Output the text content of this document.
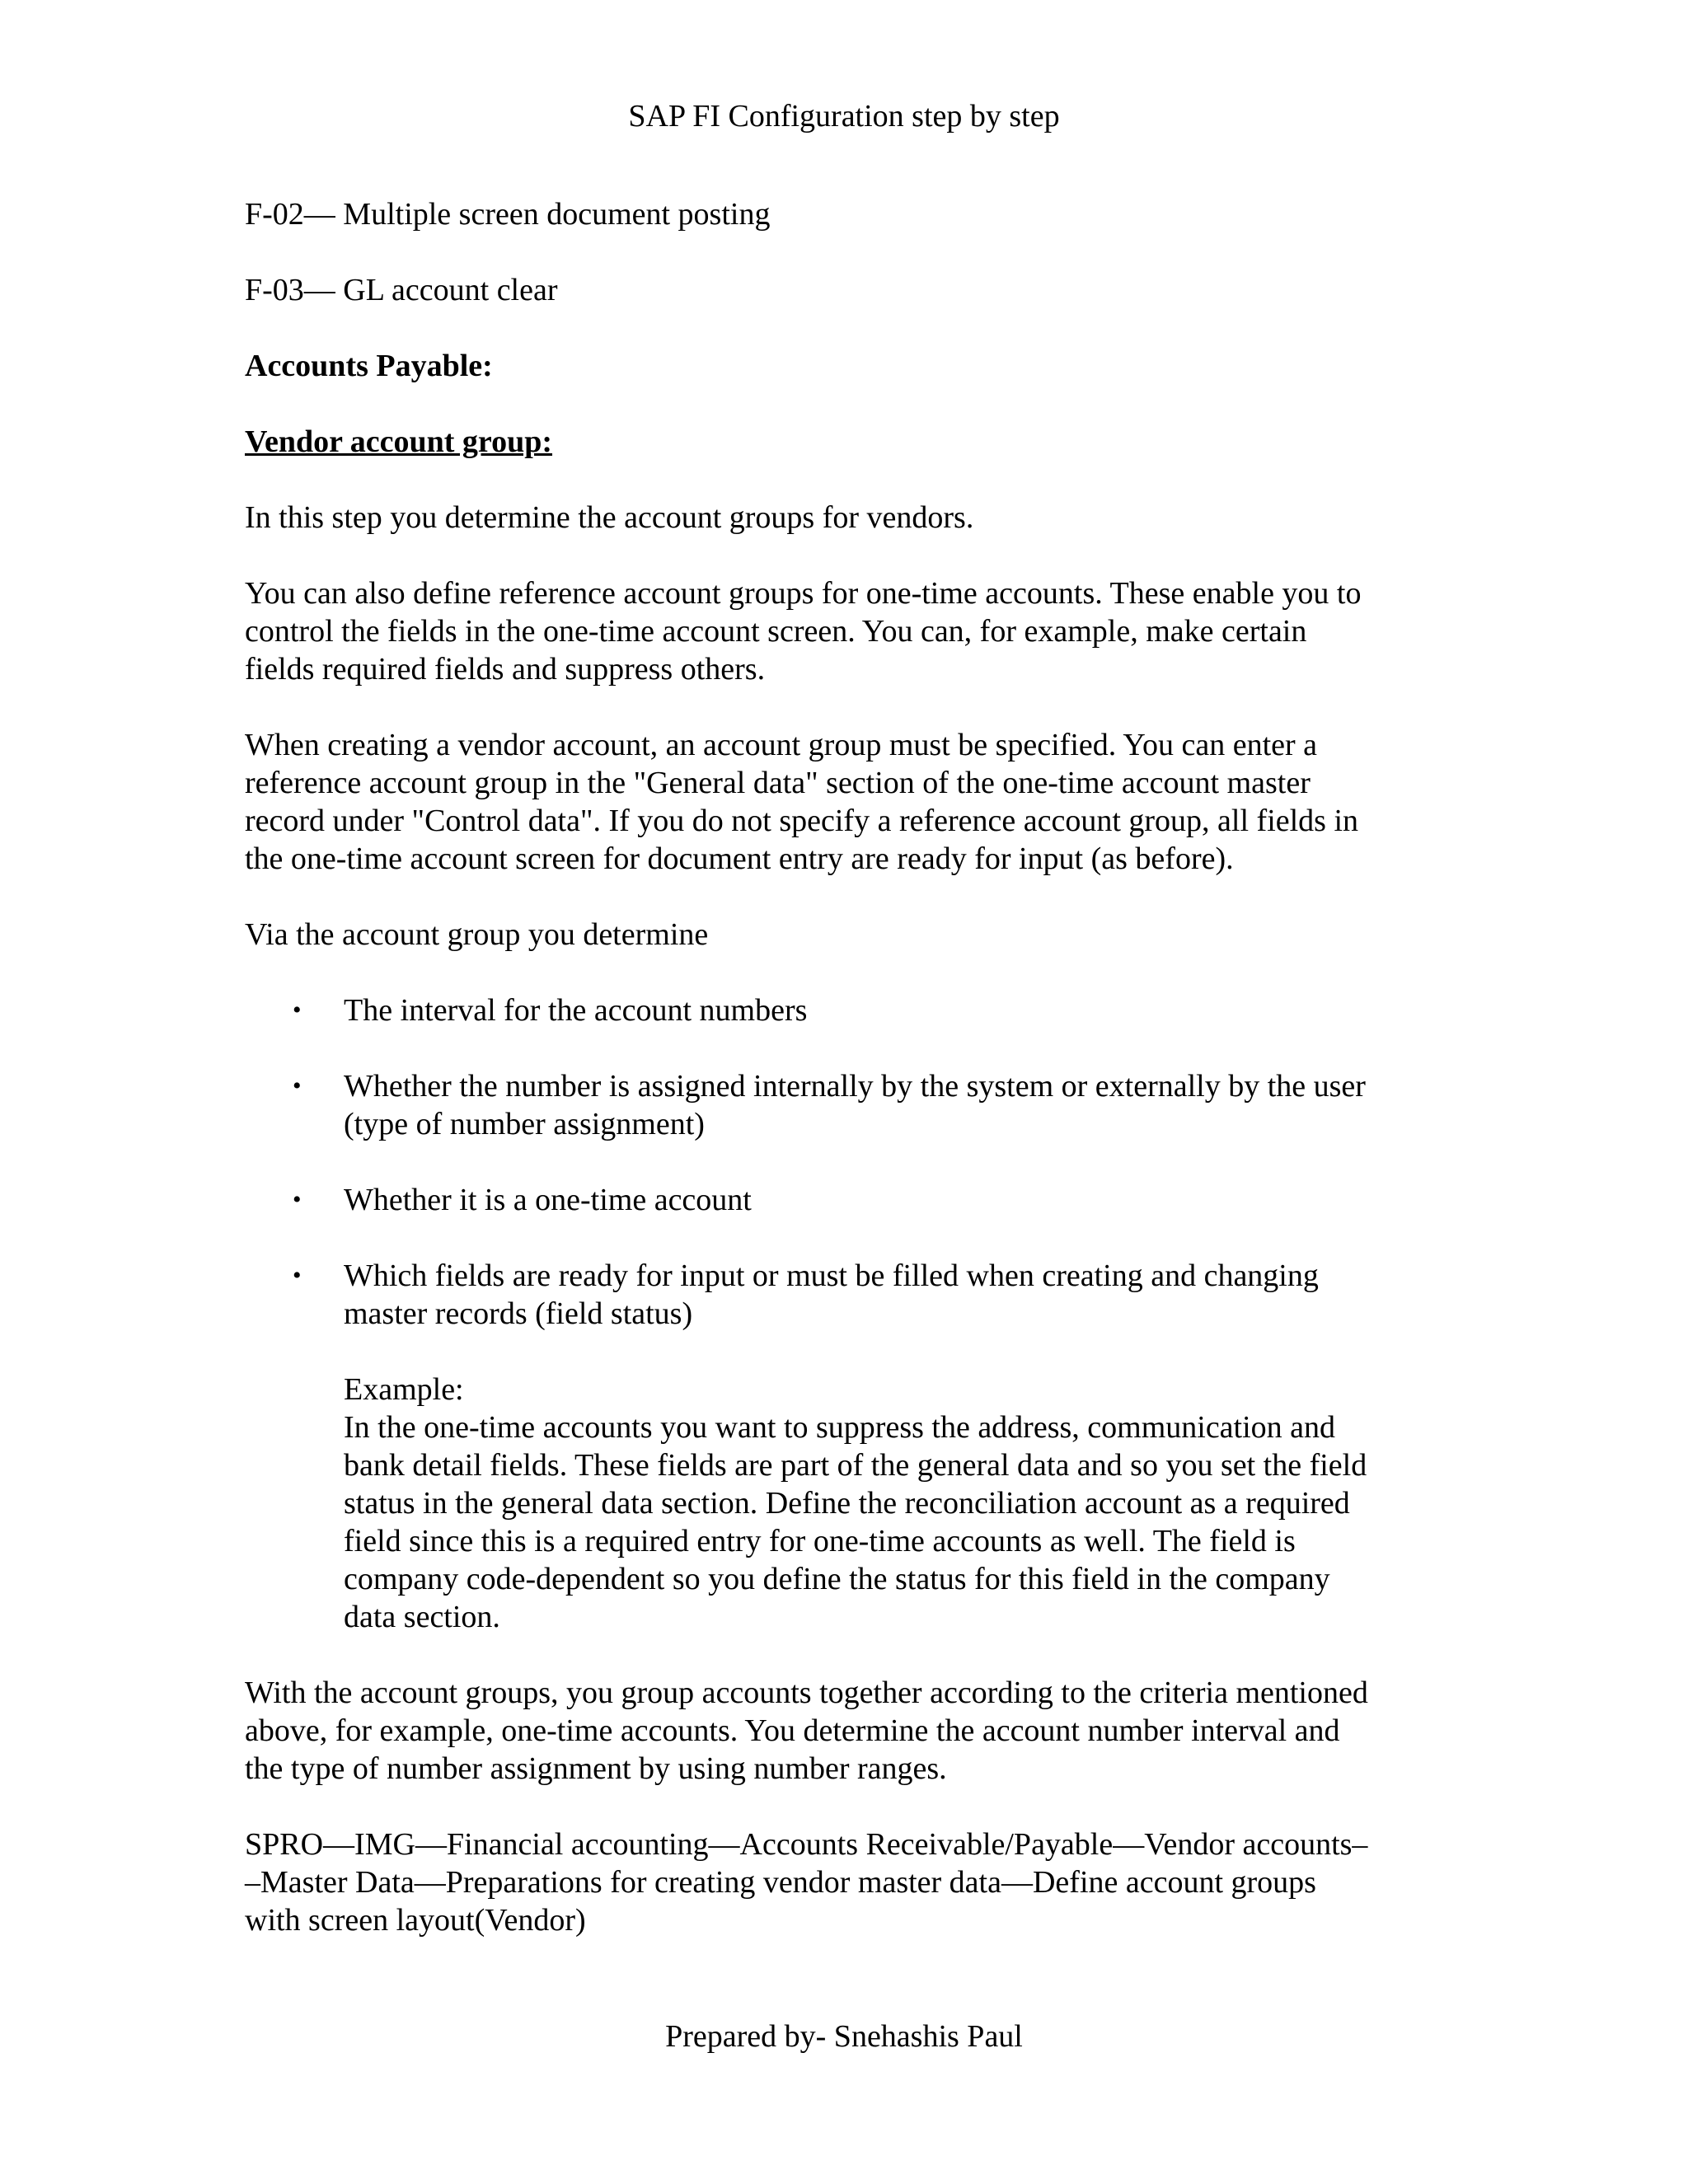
SAP FI Configuration step by step

F-02— Multiple screen document posting

F-03— GL account clear

Accounts Payable:

Vendor account group:

In this step you determine the account groups for vendors.

You can also define reference account groups for one-time accounts. These enable you to
control the fields in the one-time account screen. You can, for example, make certain
fields required fields and suppress others.

When creating a vendor account, an account group must be specified. You can enter a
reference account group in the "General data" section of the one-time account master
record under "Control data". If you do not specify a reference account group, all fields in
the one-time account screen for document entry are ready for input (as before).

Via the account group you determine

• The interval for the account numbers
• Whether the number is assigned internally by the system or externally by the user
(type of number assignment)
• Whether it is a one-time account
• Which fields are ready for input or must be filled when creating and changing
master records (field status)
Example:
In the one-time accounts you want to suppress the address, communication and
bank detail fields. These fields are part of the general data and so you set the field
status in the general data section. Define the reconciliation account as a required
field since this is a required entry for one-time accounts as well. The field is
company code-dependent so you define the status for this field in the company
data section.

With the account groups, you group accounts together according to the criteria mentioned
above, for example, one-time accounts. You determine the account number interval and
the type of number assignment by using number ranges.

SPRO—IMG—Financial accounting—Accounts Receivable/Payable—Vendor accounts–
–Master Data—Preparations for creating vendor master data—Define account groups
with screen layout(Vendor)

Prepared by- Snehashis Paul
